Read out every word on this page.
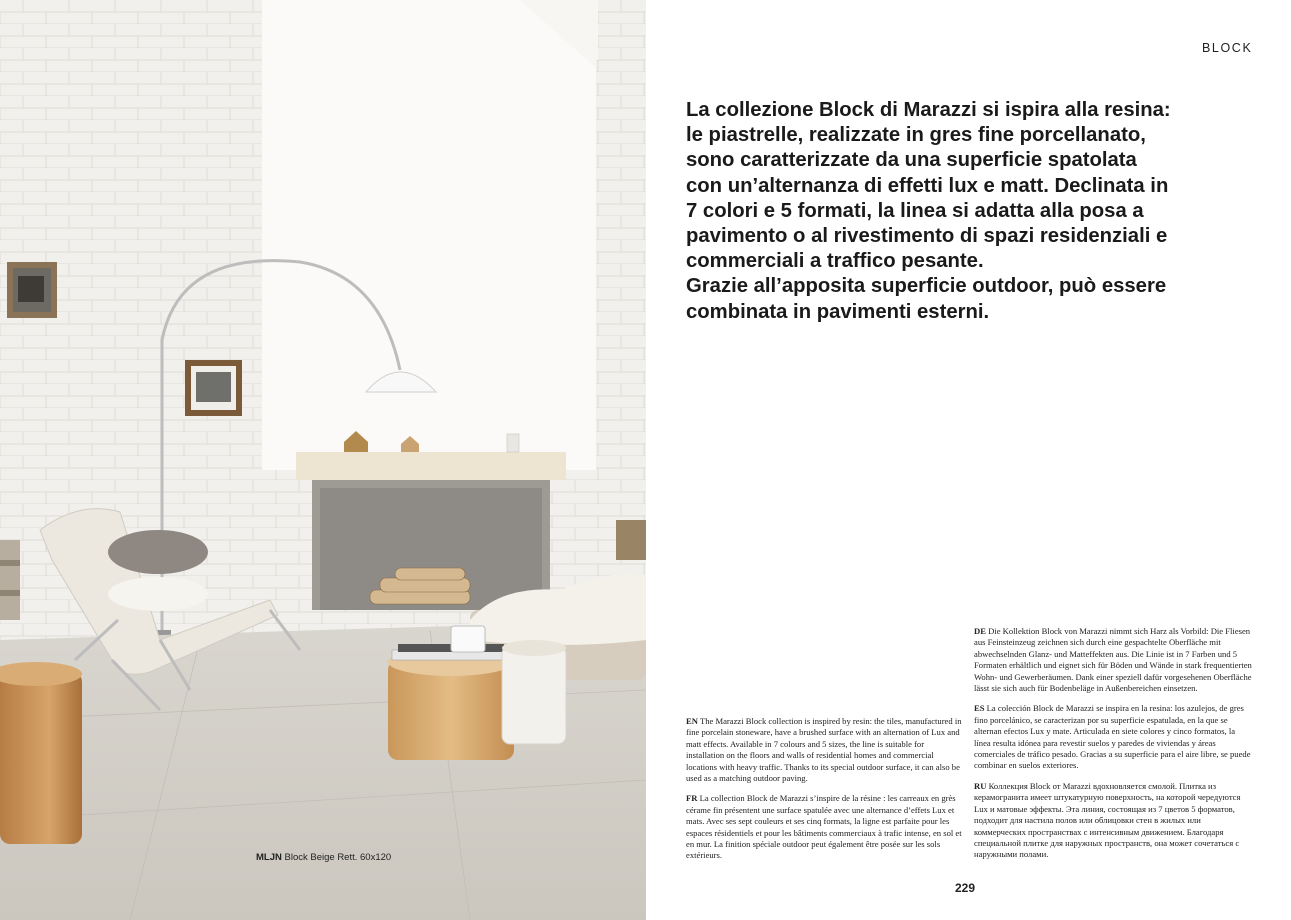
MLJN Block Beige Rett. 60x120
BLOCK

La collezione Block di Marazzi si ispira alla resina: le piastrelle, realizzate in gres fine porcellanato, sono caratterizzate da una superficie spatolata con un’alternanza di effetti lux e matt. Declinata in 7 colori e 5 formati, la linea si adatta alla posa a pavimento o al rivestimento di spazi residenziali e commerciali a traffico pesante.

Grazie all’apposita superficie outdoor, può essere combinata in pavimenti esterni.

EN The Marazzi Block collection is inspired by resin: the tiles, manufactured in fine porcelain stoneware, have a brushed surface with an alternation of Lux and matt effects. Available in 7 colours and 5 sizes, the line is suitable for installation on the floors and walls of residential homes and commercial locations with heavy traffic. Thanks to its special outdoor surface, it can also be used as a matching outdoor paving.

FR La collection Block de Marazzi s’inspire de la résine : les carreaux en grès cérame fin présentent une surface spatulée avec une alternance d’effets Lux et mats. Avec ses sept couleurs et ses cinq formats, la ligne est parfaite pour les espaces résidentiels et pour les bâtiments commerciaux à trafic intense, en sol et en mur. La finition spéciale outdoor peut également être posée sur les sols extérieurs.

DE Die Kollektion Block von Marazzi nimmt sich Harz als Vorbild: Die Fliesen aus Feinsteinzeug zeichnen sich durch eine gespachtelte Oberfläche mit abwechselnden Glanz- und Matteffekten aus. Die Linie ist in 7 Farben und 5 Formaten erhältlich und eignet sich für Böden und Wände in stark frequentierten Wohn- und Gewerberäumen. Dank einer speziell dafür vorgesehenen Oberfläche lässt sie sich auch für Bodenbeläge in Außenbereichen einsetzen.

ES La colección Block de Marazzi se inspira en la resina: los azulejos, de gres fino porcelánico, se caracterizan por su superficie espatulada, en la que se alternan efectos Lux y mate. Articulada en siete colores y cinco formatos, la línea resulta idónea para revestir suelos y paredes de viviendas y áreas comerciales de tráfico pesado. Gracias a su superficie para el aire libre, se puede combinar en suelos exteriores.

RU Коллекция Block от Marazzi вдохновляется смолой. Плитка из керамогранита имеет штукатурную поверхность, на которой чередуются Lux и матовые эффекты. Эта линия, состоящая из 7 цветов 5 форматов, подходит для настила полов или облицовки стен в жилых или коммерческих пространствах с интенсивным движением. Благодаря специальной плитке для наружных пространств, она может сочетаться с наружными полами.

229
